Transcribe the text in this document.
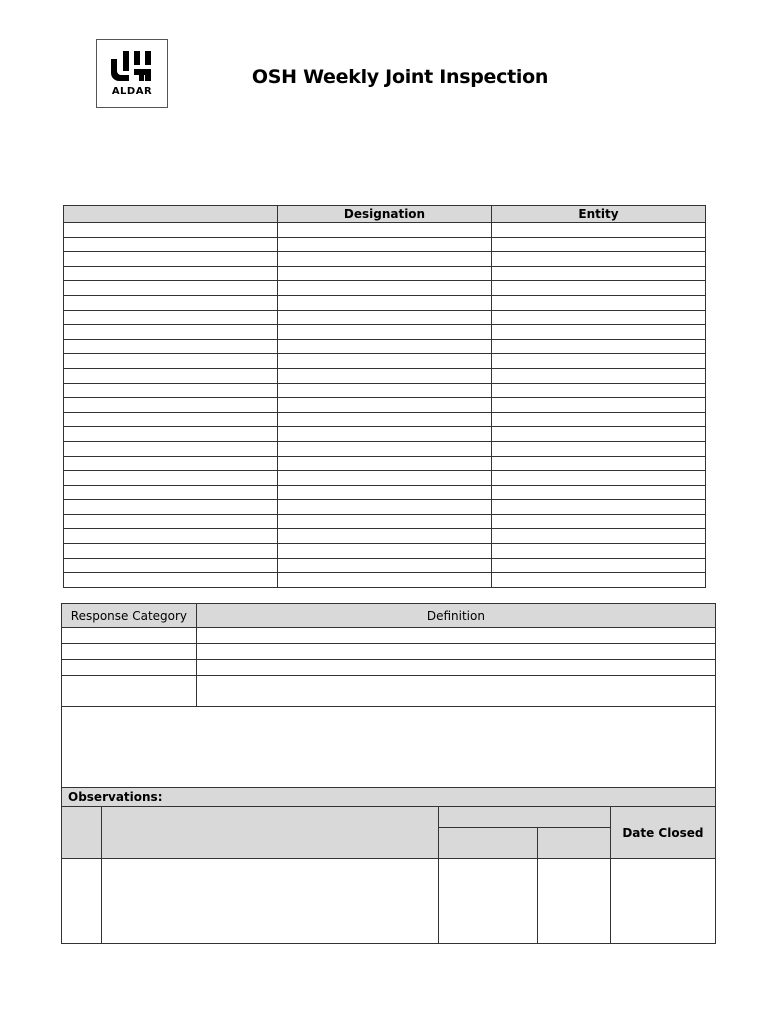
ALDAR
OSH Weekly Joint Inspection
	Designation	Entity

Response Category		Definition			

Observations:					
					Date Closed
